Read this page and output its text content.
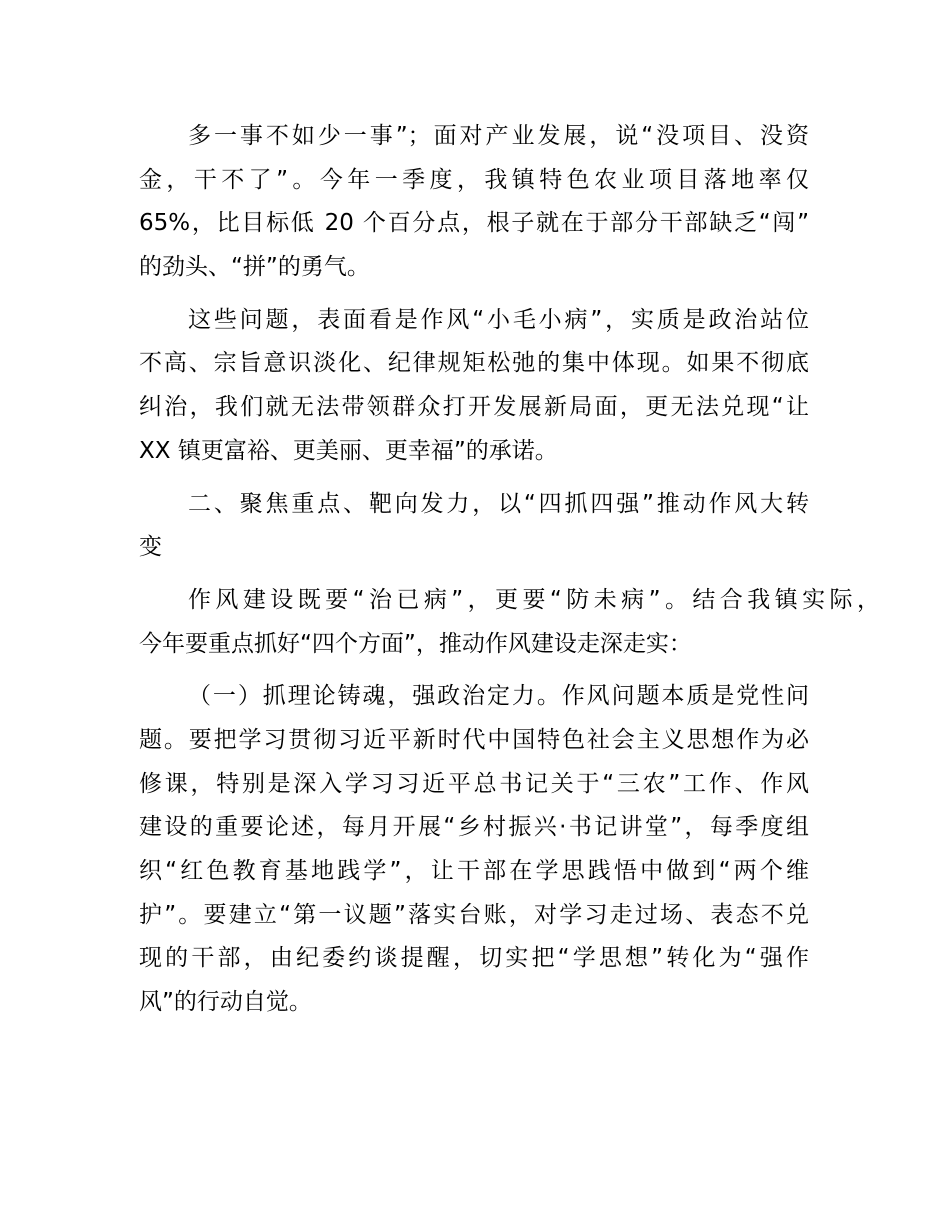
多一事不如少一事”；面对产业发展，说“没项目、没资
金，干不了”。今年一季度，我镇特色农业项目落地率仅
65%，比目标低 20 个百分点，根子就在于部分干部缺乏“闯”
的劲头、“拼”的勇气。
这些问题，表面看是作风“小毛小病”，实质是政治站位
不高、宗旨意识淡化、纪律规矩松弛的集中体现。如果不彻底
纠治，我们就无法带领群众打开发展新局面，更无法兑现“让
XX 镇更富裕、更美丽、更幸福”的承诺。
二、聚焦重点、靶向发力，以“四抓四强”推动作风大转
变
作风建设既要“治已病”，更要“防未病”。结合我镇实际，
今年要重点抓好“四个方面”，推动作风建设走深走实：
（一）抓理论铸魂，强政治定力。作风问题本质是党性问
题。要把学习贯彻习近平新时代中国特色社会主义思想作为必
修课，特别是深入学习习近平总书记关于“三农”工作、作风
建设的重要论述，每月开展“乡村振兴·书记讲堂”，每季度组
织“红色教育基地践学”，让干部在学思践悟中做到“两个维
护”。要建立“第一议题”落实台账，对学习走过场、表态不兑
现的干部，由纪委约谈提醒，切实把“学思想”转化为“强作
风”的行动自觉。
